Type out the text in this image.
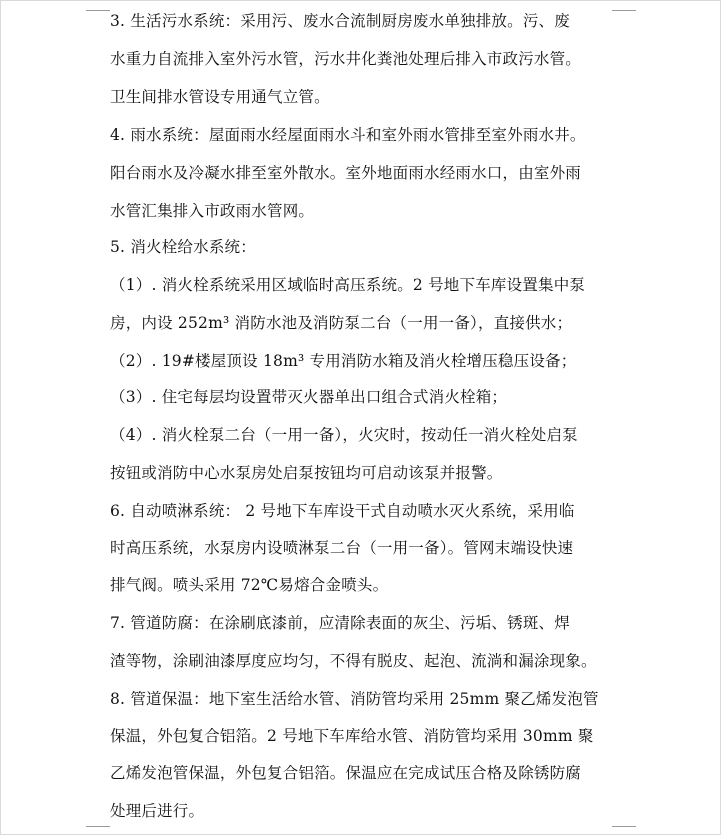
3. 生活污水系统：采用污、废水合流制厨房废水单独排放。污、废
水重力自流排入室外污水管，污水井化粪池处理后排入市政污水管。
卫生间排水管设专用通气立管。
4. 雨水系统：屋面雨水经屋面雨水斗和室外雨水管排至室外雨水井。
阳台雨水及冷凝水排至室外散水。室外地面雨水经雨水口，由室外雨
水管汇集排入市政雨水管网。
5. 消火栓给水系统：
（1）. 消火栓系统采用区域临时高压系统。2 号地下车库设置集中泵
房，内设 252m³ 消防水池及消防泵二台（一用一备），直接供水；
（2）. 19#楼屋顶设 18m³ 专用消防水箱及消火栓增压稳压设备；
（3）. 住宅每层均设置带灭火器单出口组合式消火栓箱；
（4）. 消火栓泵二台（一用一备），火灾时，按动任一消火栓处启泵
按钮或消防中心水泵房处启泵按钮均可启动该泵并报警。
6. 自动喷淋系统： 2 号地下车库设干式自动喷水灭火系统，采用临
时高压系统，水泵房内设喷淋泵二台（一用一备）。管网末端设快速
排气阀。喷头采用 72℃易熔合金喷头。
7. 管道防腐：在涂刷底漆前，应清除表面的灰尘、污垢、锈斑、焊
渣等物，涂刷油漆厚度应均匀，不得有脱皮、起泡、流淌和漏涂现象。
8. 管道保温：地下室生活给水管、消防管均采用 25mm 聚乙烯发泡管
保温，外包复合铝箔。2 号地下车库给水管、消防管均采用 30mm 聚
乙烯发泡管保温，外包复合铝箔。保温应在完成试压合格及除锈防腐
处理后进行。
